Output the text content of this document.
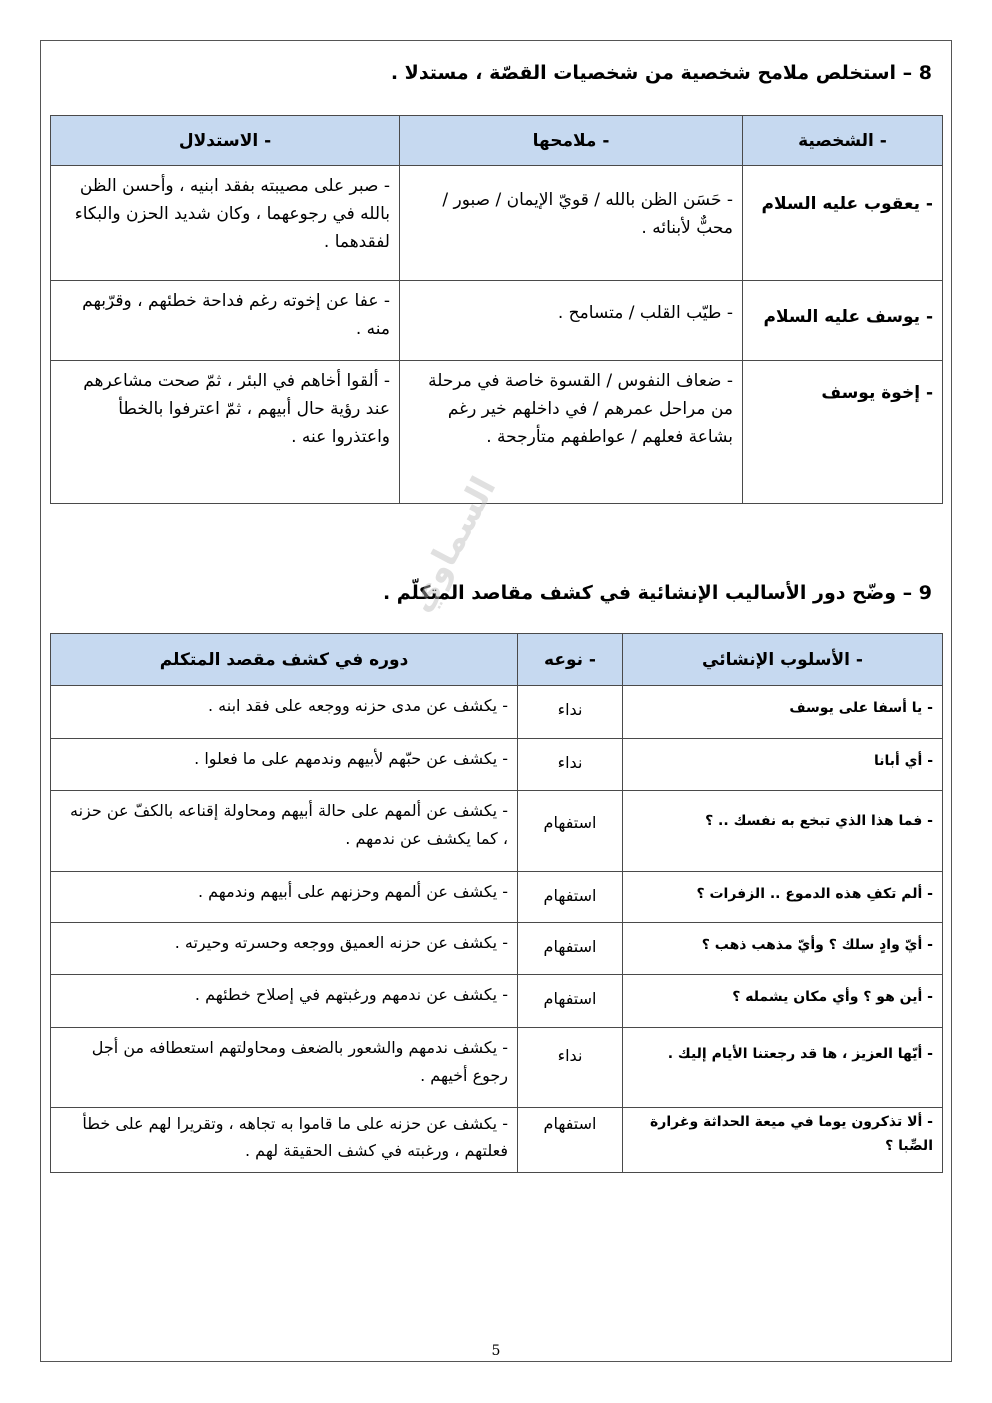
8 – استخلص ملامح شخصية من شخصيات القصّة ، مستدلا .
- الشخصية	- ملامحها	- الاستدلال
- يعقوب عليه السلام	- حَسَن الظن بالله / قويّ الإيمان / صبور / محبٌّ لأبنائه .	- صبر على مصيبته بفقد ابنيه ، وأحسن الظن بالله في رجوعهما ، وكان شديد الحزن والبكاء لفقدهما .
- يوسف عليه السلام	- طيّب القلب / متسامح .	- عفا عن إخوته رغم فداحة خطئهم ، وقرّبهم منه .
- إخوة يوسف	- ضعاف النفوس / القسوة خاصة في مرحلة من مراحل عمرهم / في داخلهم خير رغم بشاعة فعلهم / عواطفهم متأرجحة .	- ألقوا أخاهم في البئر ، ثمّ صحت مشاعرهم عند رؤية حال أبيهم ، ثمّ اعترفوا بالخطأ واعتذروا عنه .
9 – وضّح دور الأساليب الإنشائية في كشف مقاصد المتكلّم .
السماوي
- الأسلوب الإنشائي	- نوعه	دوره في كشف مقصد المتكلم
- يا أسفا على يوسف	نداء	- يكشف عن مدى حزنه ووجعه على فقد ابنه .
- أي أبانا	نداء	- يكشف عن حبّهم لأبيهم وندمهم على ما فعلوا .
- فما هذا الذي تبخع به نفسك .. ؟	استفهام	- يكشف عن ألمهم على حالة أبيهم ومحاولة إقناعه بالكفّ عن حزنه ، كما يكشف عن ندمهم .
- ألم تكفِ هذه الدموع .. الزفرات ؟	استفهام	- يكشف عن ألمهم وحزنهم على أبيهم وندمهم .
- أيّ وادٍ سلك ؟ وأيّ مذهب ذهب ؟	استفهام	- يكشف عن حزنه العميق ووجعه وحسرته وحيرته .
- أين هو ؟ وأي مكان يشمله ؟	استفهام	- يكشف عن ندمهم ورغبتهم في إصلاح خطئهم .
- أيّها العزيز ، ها قد رجعتنا الأيام إليك .	نداء	- يكشف ندمهم والشعور بالضعف ومحاولتهم استعطافه من أجل رجوع أخيهم .
- ألا تذكرون يوما في ميعة الحداثة وغرارة الصِّبا ؟	استفهام	- يكشف عن حزنه على ما قاموا به تجاهه ، وتقريرا لهم على خطأ فعلتهم ، ورغبته في كشف الحقيقة لهم .
5
